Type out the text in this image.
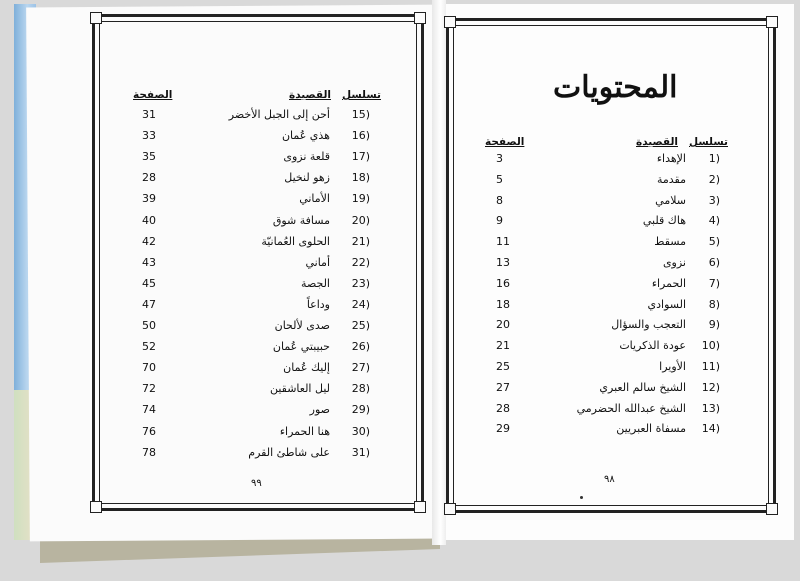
تسلسل
القصيدة
الصفحة
15)
أحن إلى الجبل الأخضر
31
16)
هذي عُمان
33
17)
قلعة نزوى
35
18)
زهو لنخيل
28
19)
الأماني
39
20)
مسافة شوق
40
21)
الحلوى العُمانيّة
42
22)
أماني
43
23)
الجصة
45
24)
وداعاً
47
25)
صدى لألحان
50
26)
حبيبتي عُمان
52
27)
إليك عُمان
70
28)
ليل العاشقين
72
29)
صور
74
30)
هنا الحمراء
76
31)
على شاطئ القرم
78
٩٩
المحتويات
تسلسل
القصيدة
الصفحة
1)
الإهداء
3
2)
مقدمة
5
3)
سلامي
8
4)
هاك قلبي
9
5)
مسقط
11
6)
نزوى
13
7)
الحمراء
16
8)
السوادي
18
9)
التعجب والسؤال
20
10)
عودة الذكريات
21
11)
الأويرا
25
12)
الشيخ سالم العبري
27
13)
الشيخ عبدالله الحضرمي
28
14)
مسفاة العبريين
29
٩٨
